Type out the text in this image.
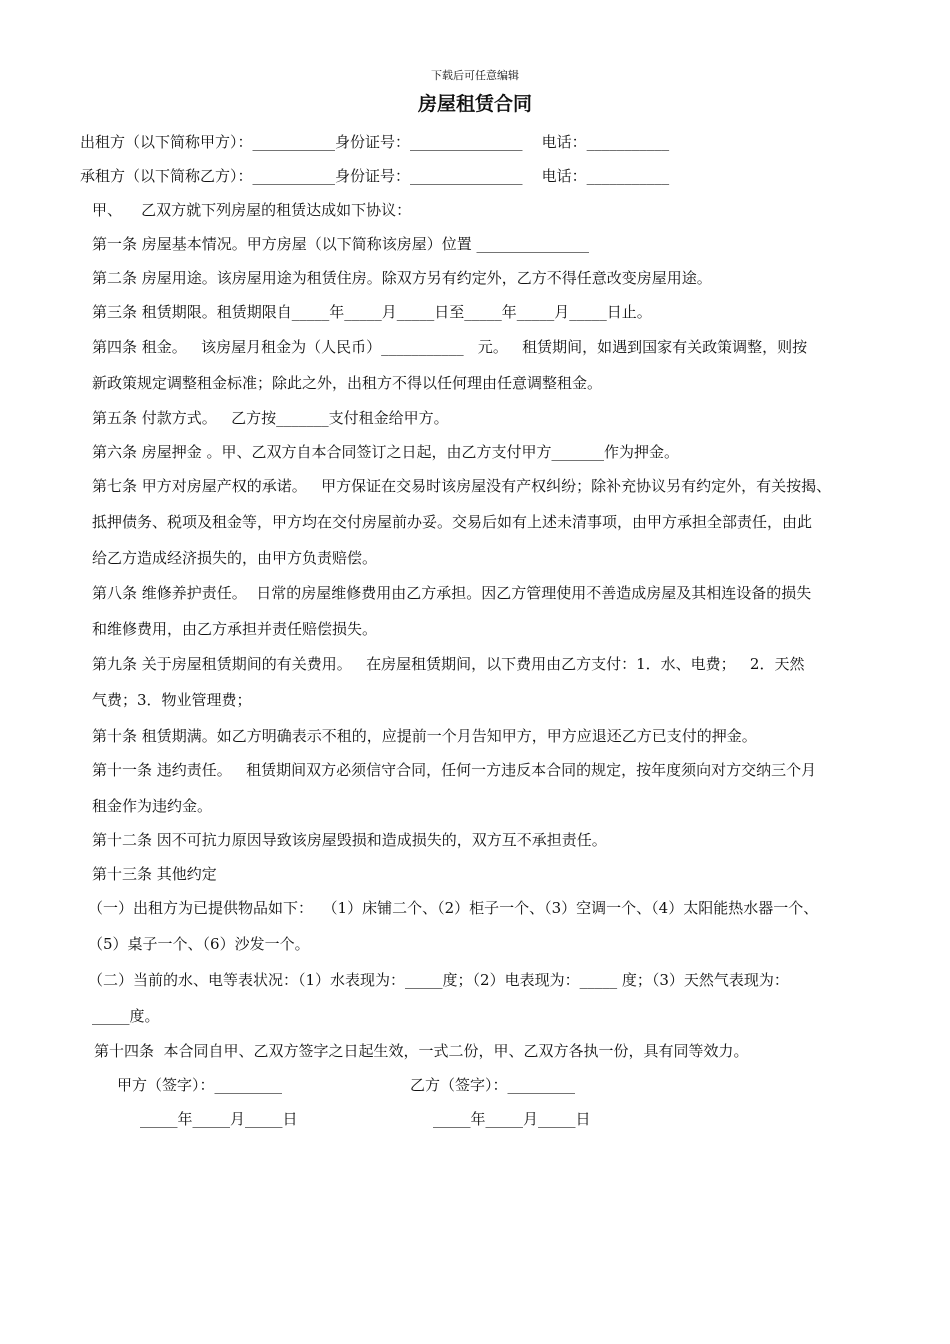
下载后可任意编辑
房屋租赁合同
出租方（以下简称甲方）：___________身份证号：_______________    电话：___________
承租方（以下简称乙方）：___________身份证号：_______________    电话：___________
甲、    乙双方就下列房屋的租赁达成如下协议：
第一条 房屋基本情况。甲方房屋（以下简称该房屋）位置 _______________
第二条 房屋用途。该房屋用途为租赁住房。除双方另有约定外，乙方不得任意改变房屋用途。
第三条 租赁期限。租赁期限自_____年_____月_____日至_____年_____月_____日止。
第四条 租金。   该房屋月租金为（人民币）___________   元。   租赁期间，如遇到国家有关政策调整，则按
新政策规定调整租金标准；除此之外，出租方不得以任何理由任意调整租金。
第五条 付款方式。   乙方按_______支付租金给甲方。
第六条 房屋押金 。甲、乙双方自本合同签订之日起，由乙方支付甲方_______作为押金。
第七条 甲方对房屋产权的承诺。   甲方保证在交易时该房屋没有产权纠纷；除补充协议另有约定外，有关按揭、
抵押债务、税项及租金等，甲方均在交付房屋前办妥。交易后如有上述未清事项，由甲方承担全部责任，由此
给乙方造成经济损失的，由甲方负责赔偿。
第八条 维修养护责任。  日常的房屋维修费用由乙方承担。因乙方管理使用不善造成房屋及其相连设备的损失
和维修费用，由乙方承担并责任赔偿损失。
第九条 关于房屋租赁期间的有关费用。   在房屋租赁期间，以下费用由乙方支付：1．水、电费；   2．天然
气费；3．物业管理费；
第十条 租赁期满。如乙方明确表示不租的，应提前一个月告知甲方，甲方应退还乙方已支付的押金。
第十一条 违约责任。   租赁期间双方必须信守合同，任何一方违反本合同的规定，按年度须向对方交纳三个月
租金作为违约金。
第十二条 因不可抗力原因导致该房屋毁损和造成损失的，双方互不承担责任。
第十三条 其他约定
（一）出租方为已提供物品如下：  （1）床铺二个、（2）柜子一个、（3）空调一个、（4）太阳能热水器一个、
（5）桌子一个、（6）沙发一个。
（二）当前的水、电等表状况：（1）水表现为：_____度；（2）电表现为：_____ 度；（3）天然气表现为：
_____度。
第十四条  本合同自甲、乙双方签字之日起生效，一式二份，甲、乙双方各执一份，具有同等效力。
甲方（签字）：_________	乙方（签字）：_________
_____年_____月_____日	_____年_____月_____日
